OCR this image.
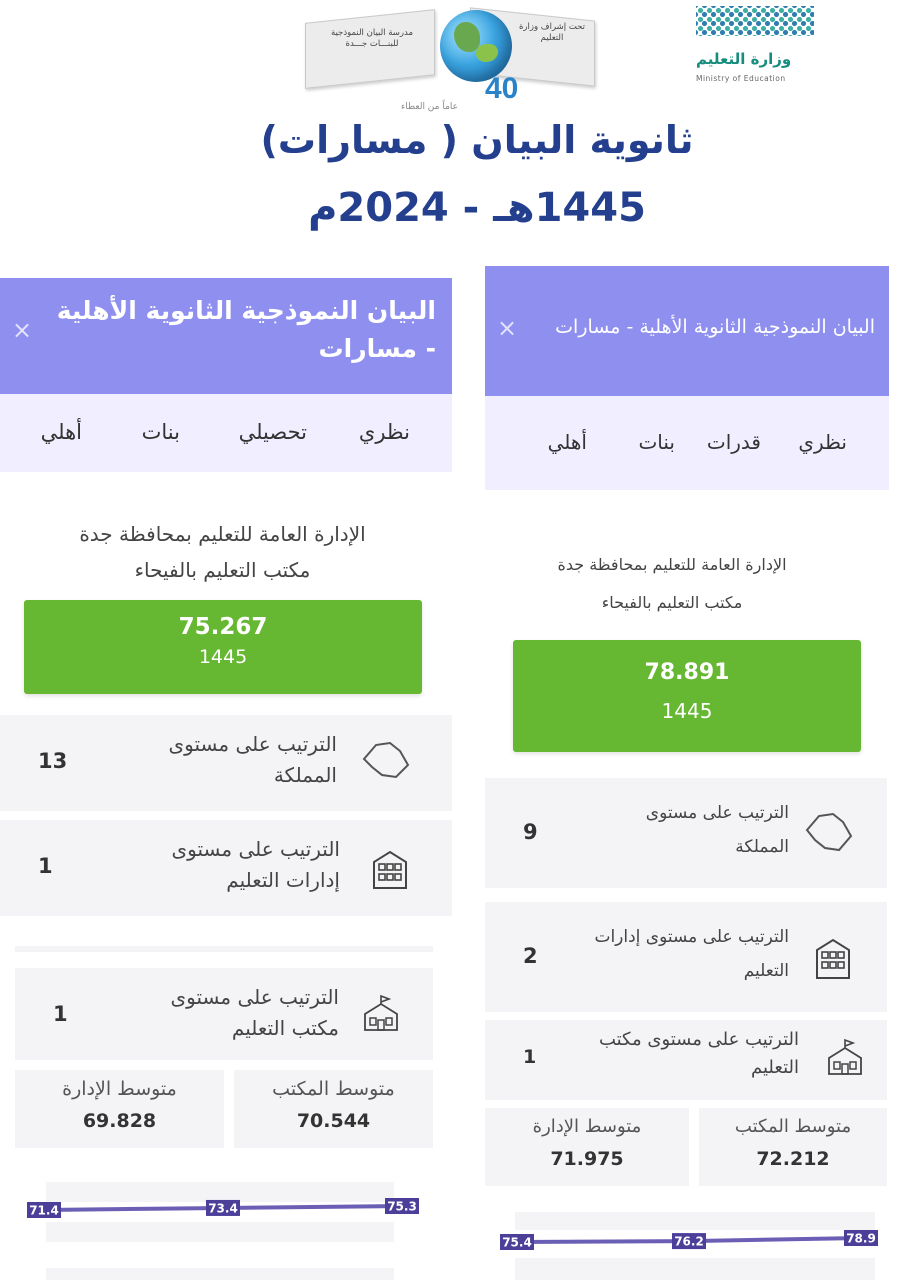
مدرسة البيان النموذجية للبنـــات جـــدة
تحت إشراف وزارة التعليم
40
عاماً من العطاء
وزارة التعليم
Ministry of Education
ثانوية البيان ( مسارات)
1445هـ - 2024م
البيان النموذجية الثانوية الأهلية - مسارات
×
نظري
تحصيلي
بنات
أهلي
الإدارة العامة للتعليم بمحافظة جدة
مكتب التعليم بالفيحاء
75.267
1445
الترتيب على مستوى المملكة
13
الترتيب على مستوى إدارات التعليم
1
الترتيب على مستوى مكتب التعليم
1
متوسط المكتب
70.544
متوسط الإدارة
69.828
71.4	73.4	75.3
البيان النموذجية الثانوية الأهلية - مسارات
×
نظري
قدرات
بنات
أهلي
الإدارة العامة للتعليم بمحافظة جدة
مكتب التعليم بالفيحاء
78.891
1445
الترتيب على مستوى المملكة
9
الترتيب على مستوى إدارات التعليم
2
الترتيب على مستوى مكتب التعليم
1
متوسط المكتب
72.212
متوسط الإدارة
71.975
75.4	76.2	78.9
